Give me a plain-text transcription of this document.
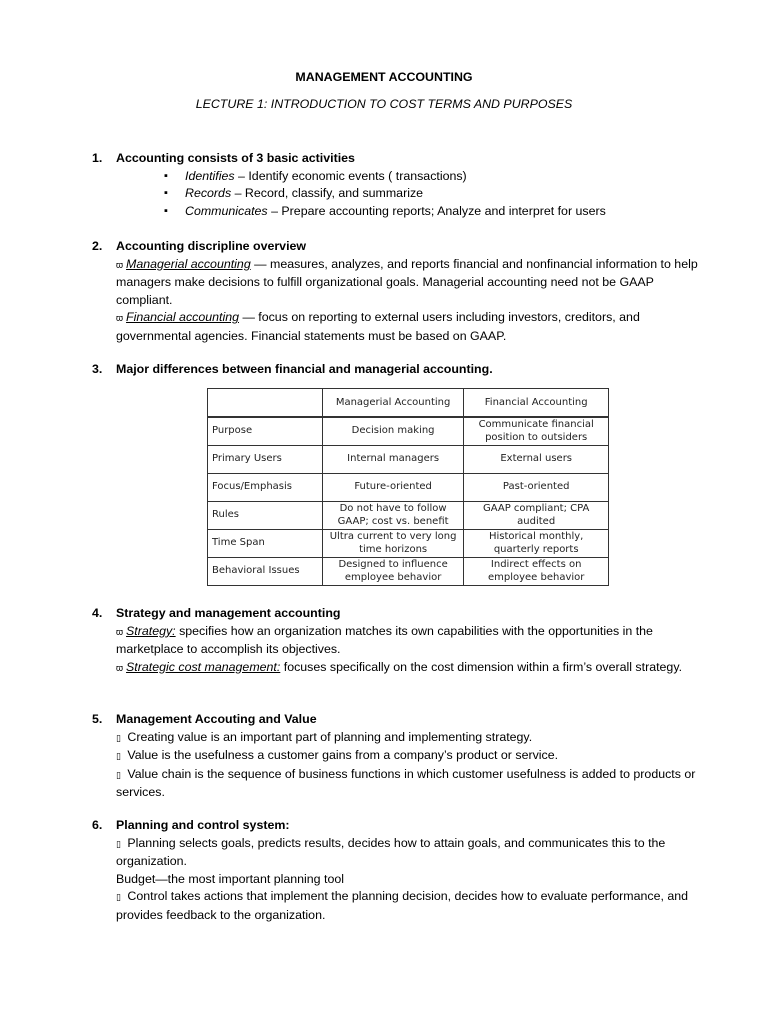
MANAGEMENT ACCOUNTING
LECTURE 1: INTRODUCTION TO COST TERMS AND PURPOSES
1. Accounting consists of 3 basic activities
▪ Identifies – Identify economic events ( transactions)
▪ Records – Record, classify, and summarize
▪ Communicates – Prepare accounting reports; Analyze and interpret for users
2. Accounting discripline overview
ϖ Managerial accounting — measures, analyzes, and reports financial and nonfinancial information to help managers make decisions to fulfill organizational goals. Managerial accounting need not be GAAP compliant.
ϖ Financial accounting — focus on reporting to external users including investors, creditors, and governmental agencies. Financial statements must be based on GAAP.
3. Major differences between financial and managerial accounting.
	Managerial Accounting	Financial Accounting
Purpose	Decision making	Communicate financial position to outsiders
Primary Users	Internal managers	External users
Focus/Emphasis	Future-oriented	Past-oriented
Rules	Do not have to follow GAAP; cost vs. benefit	GAAP compliant; CPA audited
Time Span	Ultra current to very long time horizons	Historical monthly, quarterly reports
Behavioral Issues	Designed to influence employee behavior	Indirect effects on employee behavior
4. Strategy and management accounting
ϖ Strategy: specifies how an organization matches its own capabilities with the opportunities in the marketplace to accomplish its objectives.
ϖ Strategic cost management: focuses specifically on the cost dimension within a firm’s overall strategy.
5. Management Accouting and Value
▯ Creating value is an important part of planning and implementing strategy.
▯ Value is the usefulness a customer gains from a company’s product or service.
▯ Value chain is the sequence of business functions in which customer usefulness is added to products or services.
6. Planning and control system:
▯ Planning selects goals, predicts results, decides how to attain goals, and communicates this to the organization.
Budget—the most important planning tool
▯ Control takes actions that implement the planning decision, decides how to evaluate performance, and provides feedback to the organization.
